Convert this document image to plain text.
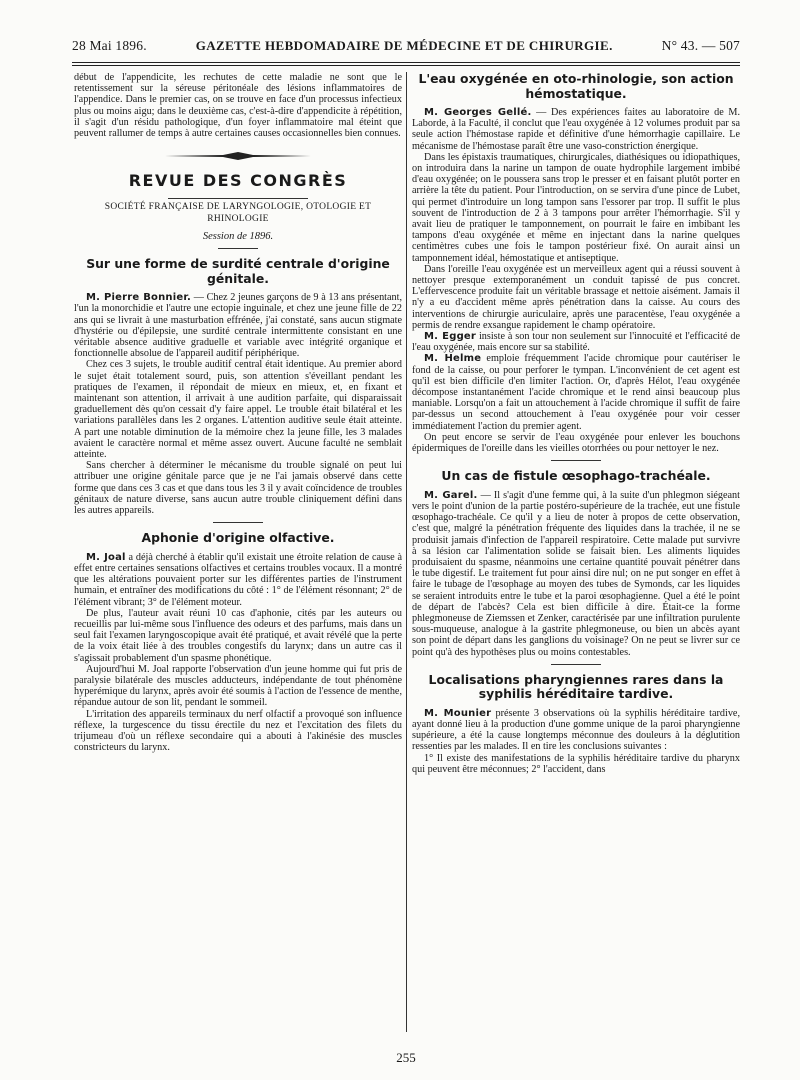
28 Mai 1896.	GAZETTE HEBDOMADAIRE DE MÉDECINE ET DE CHIRURGIE.	N° 43. — 507

début de l'appendicite, les rechutes de cette maladie ne sont que le retentissement sur la séreuse péritonéale des lésions inflammatoires de l'appendice. Dans le premier cas, on se trouve en face d'un processus infectieux plus ou moins aigu; dans le deuxième cas, c'est-à-dire d'appendicite à répétition, il s'agit d'un résidu pathologique, d'un foyer inflammatoire mal éteint que peuvent rallumer de temps à autre certaines causes occasionnelles bien connues.

REVUE DES CONGRÈS
SOCIÉTÉ FRANÇAISE DE LARYNGOLOGIE, OTOLOGIE ET RHINOLOGIE
Session de 1896.
Sur une forme de surdité centrale d'origine génitale.

M. Pierre Bonnier. — Chez 2 jeunes garçons de 9 à 13 ans présentant, l'un la monorchidie et l'autre une ectopie inguinale, et chez une jeune fille de 22 ans qui se livrait à une masturbation effrénée, j'ai constaté, sans aucun stigmate d'hystérie ou d'épilepsie, une surdité centrale intermittente consistant en une véritable absence auditive graduelle et variable avec intégrité organique et fonctionnelle absolue de l'appareil auditif périphérique.

Chez ces 3 sujets, le trouble auditif central était identique. Au premier abord le sujet était totalement sourd, puis, son attention s'éveillant pendant les pratiques de l'examen, il répondait de mieux en mieux, et, en fixant et maintenant son attention, il arrivait à une audition parfaite, qui disparaissait graduellement dès qu'on cessait d'y faire appel. Le trouble était bilatéral et les variations parallèles dans les 2 organes. L'attention auditive seule était atteinte. A part une notable diminution de la mémoire chez la jeune fille, les 3 malades avaient le caractère normal et même assez ouvert. Aucune faculté ne semblait atteinte.

Sans chercher à déterminer le mécanisme du trouble signalé on peut lui attribuer une origine génitale parce que je ne l'ai jamais observé dans cette forme que dans ces 3 cas et que dans tous les 3 il y avait coïncidence de troubles génitaux de nature diverse, sans aucun autre trouble cliniquement défini dans les autres appareils.

Aphonie d'origine olfactive.

M. Joal a déjà cherché à établir qu'il existait une étroite relation de cause à effet entre certaines sensations olfactives et certains troubles vocaux. Il a montré que les altérations pouvaient porter sur les différentes parties de l'instrument humain, et entraîner des modifications du côté : 1° de l'élément résonnant; 2° de l'élément vibrant; 3° de l'élément moteur.

De plus, l'auteur avait réuni 10 cas d'aphonie, cités par les auteurs ou recueillis par lui-même sous l'influence des odeurs et des parfums, mais dans un seul fait l'examen laryngoscopique avait été pratiqué, et avait révélé que la perte de la voix était liée à des troubles congestifs du larynx; dans un autre cas il s'agissait probablement d'un spasme phonétique.

Aujourd'hui M. Joal rapporte l'observation d'un jeune homme qui fut pris de paralysie bilatérale des muscles adducteurs, indépendante de tout phénomène hyperémique du larynx, après avoir été soumis à l'action de l'essence de menthe, répandue autour de son lit, pendant le sommeil.

L'irritation des appareils terminaux du nerf olfactif a provoqué son influence réflexe, la turgescence du tissu érectile du nez et l'excitation des filets du trijumeau d'où un réflexe secondaire qui a abouti à l'akinésie des muscles constricteurs du larynx.

L'eau oxygénée en oto-rhinologie, son action hémostatique.

M. Georges Gellé. — Des expériences faites au laboratoire de M. Laborde, à la Faculté, il conclut que l'eau oxygénée à 12 volumes produit par sa seule action l'hémostase rapide et définitive d'une hémorrhagie capillaire. Le mécanisme de l'hémostase paraît être une vaso-constriction énergique.

Dans les épistaxis traumatiques, chirurgicales, diathésiques ou idiopathiques, on introduira dans la narine un tampon de ouate hydrophile largement imbibé d'eau oxygénée; on le poussera sans trop le presser et en faisant plutôt porter en arrière la tête du patient. Pour l'introduction, on se servira d'une pince de Lubet, qui permet d'introduire un long tampon sans l'essorer par trop. Il suffit le plus souvent de l'introduction de 2 à 3 tampons pour arrêter l'hémorrhagie. S'il y avait lieu de pratiquer le tamponnement, on pourrait le faire en imbibant les tampons d'eau oxygénée et même en injectant dans la narine quelques centimètres cubes une fois le tampon postérieur fixé. On aurait ainsi un tamponnement idéal, hémostatique et antiseptique.

Dans l'oreille l'eau oxygénée est un merveilleux agent qui a réussi souvent à nettoyer presque extemporanément un conduit tapissé de pus concret. L'effervescence produite fait un véritable brassage et nettoie aisément. Jamais il n'y a eu d'accident même après pénétration dans la caisse. Au cours des interventions de chirurgie auriculaire, après une paracentèse, l'eau oxygénée a permis de rendre exsangue rapidement le champ opératoire.

M. Egger insiste à son tour non seulement sur l'innocuité et l'efficacité de l'eau oxygénée, mais encore sur sa stabilité.

M. Helme emploie fréquemment l'acide chromique pour cautériser le fond de la caisse, ou pour perforer le tympan. L'inconvénient de cet agent est qu'il est bien difficile d'en limiter l'action. Or, d'après Hélot, l'eau oxygénée décompose instantanément l'acide chromique et le rend ainsi beaucoup plus maniable. Lorsqu'on a fait un attouchement à l'acide chromique il suffit de faire par-dessus un second attouchement à l'eau oxygénée pour voir cesser immédiatement l'action du premier agent.

On peut encore se servir de l'eau oxygénée pour enlever les bouchons épidermiques de l'oreille dans les vieilles otorrhées ou pour nettoyer le nez.

Un cas de fistule œsophago-trachéale.

M. Garel. — Il s'agit d'une femme qui, à la suite d'un phlegmon siégeant vers le point d'union de la partie postéro-supérieure de la trachée, eut une fistule œsophago-trachéale. Ce qu'il y a lieu de noter à propos de cette observation, c'est que, malgré la pénétration fréquente des liquides dans la trachée, il ne se produisit jamais d'infection de l'appareil respiratoire. Cette malade put survivre à sa lésion car l'alimentation solide se faisait bien. Les aliments liquides produisaient du spasme, néanmoins une certaine quantité pouvait pénétrer dans le tube digestif. Le traitement fut pour ainsi dire nul; on ne put songer en effet à faire le tubage de l'œsophage au moyen des tubes de Symonds, car les liquides se seraient introduits entre le tube et la paroi œsophagienne. Quel a été le point de départ de l'abcès? Cela est bien difficile à dire. Était-ce la forme phlegmoneuse de Ziemssen et Zenker, caractérisée par une infiltration purulente sous-muqueuse, analogue à la gastrite phlegmoneuse, ou bien un abcès ayant son point de départ dans les ganglions du voisinage? On ne peut se livrer sur ce point qu'à des hypothèses plus ou moins contestables.

Localisations pharyngiennes rares dans la syphilis héréditaire tardive.

M. Mounier présente 3 observations où la syphilis héréditaire tardive, ayant donné lieu à la production d'une gomme unique de la paroi pharyngienne supérieure, a été la cause longtemps méconnue des douleurs à la déglutition ressenties par les malades. Il en tire les conclusions suivantes :

1° Il existe des manifestations de la syphilis héréditaire tardive du pharynx qui peuvent être méconnues; 2° l'accident, dans

255
